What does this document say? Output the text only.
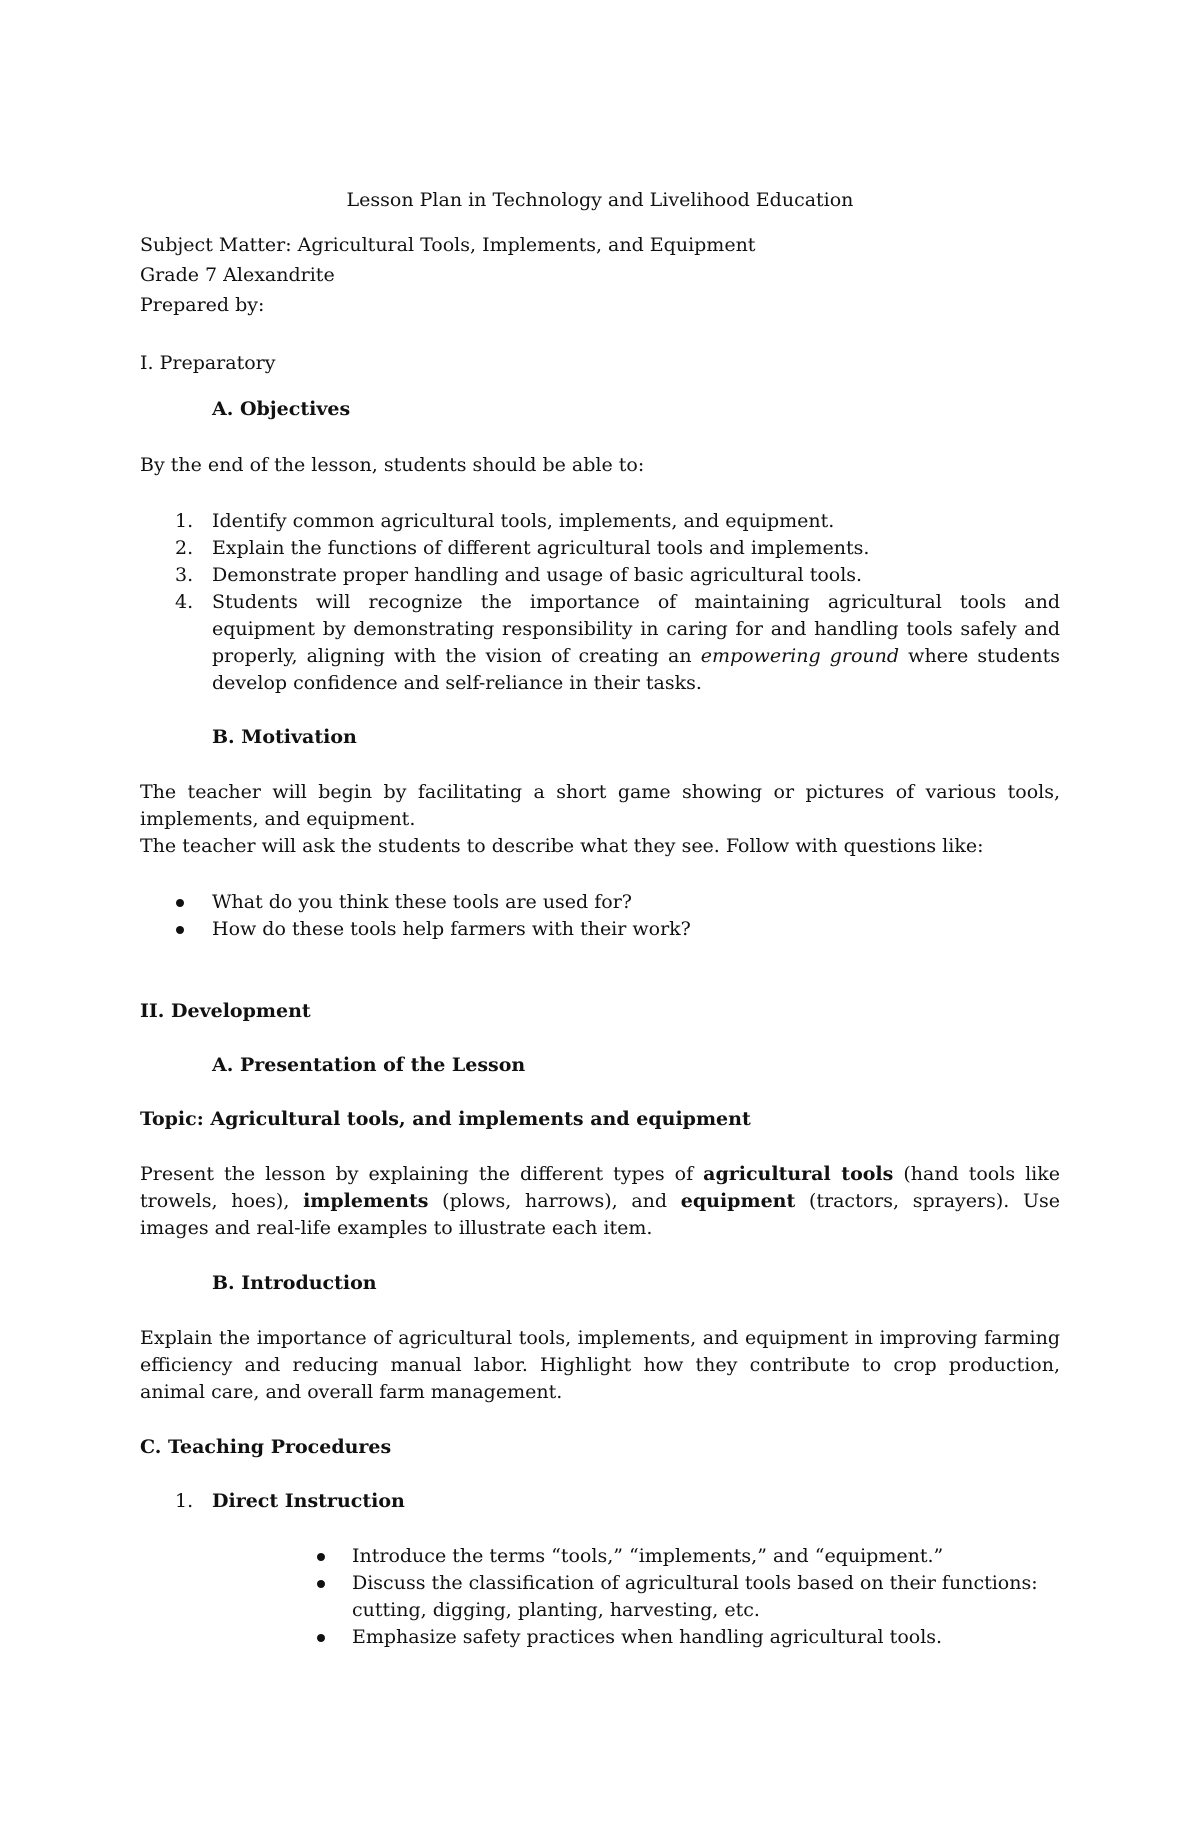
Lesson Plan in Technology and Livelihood Education

Subject Matter: Agricultural Tools, Implements, and Equipment

Grade 7 Alexandrite

Prepared by:

I. Preparatory

A. Objectives

By the end of the lesson, students should be able to:

1. Identify common agricultural tools, implements, and equipment.
2. Explain the functions of different agricultural tools and implements.
3. Demonstrate proper handling and usage of basic agricultural tools.
4. Students will recognize the importance of maintaining agricultural tools and equipment by demonstrating responsibility in caring for and handling tools safely and properly, aligning with the vision of creating an empowering ground where students develop confidence and self-reliance in their tasks.

B. Motivation

The teacher will begin by facilitating a short game showing or pictures of various tools, implements, and equipment.

The teacher will ask the students to describe what they see. Follow with questions like:

What do you think these tools are used for?
How do these tools help farmers with their work?

II. Development

A. Presentation of the Lesson

Topic: Agricultural tools, and implements and equipment

Present the lesson by explaining the different types of agricultural tools (hand tools like trowels, hoes), implements (plows, harrows), and equipment (tractors, sprayers). Use images and real-life examples to illustrate each item.

B. Introduction

Explain the importance of agricultural tools, implements, and equipment in improving farming efficiency and reducing manual labor. Highlight how they contribute to crop production, animal care, and overall farm management.

C. Teaching Procedures

1. Direct Instruction
Introduce the terms “tools,” “implements,” and “equipment.”
Discuss the classification of agricultural tools based on their functions: cutting, digging, planting, harvesting, etc.
Emphasize safety practices when handling agricultural tools.
